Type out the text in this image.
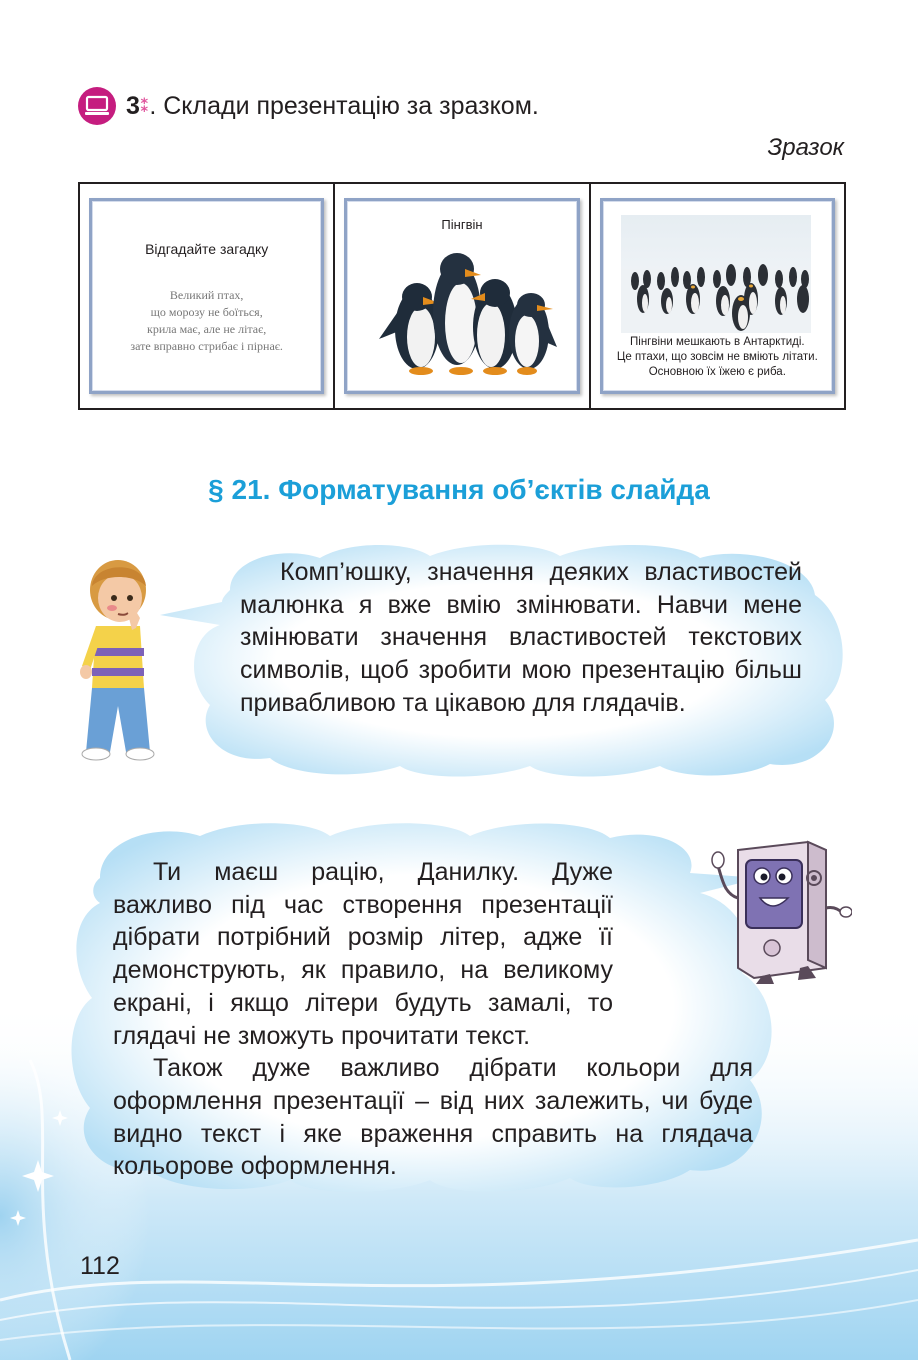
3⁑ . Склади презентацію за зразком.
Зразок
Відгадайте загадку
Великий птах,
що морозу не боїться,
крила має, але не літає,
зате вправно стрибає і пірнає.
Пінгвін
Пінгвіни мешкають в Антарктиді.
Це птахи, що зовсім не вміють літати.
Основною їх їжею є риба.
§ 21. Форматування об’єктів слайда

Комп’юшку, значення деяких властивостей малюнка я вже вмію змінювати. Навчи мене змінювати значення властивостей текстових символів, щоб зробити мою презентацію більш привабливою та цікавою для глядачів.

Ти маєш рацію, Данилку. Дуже важливо під час створення презентації дібрати потрібний розмір літер, адже її демонструють, як правило, на великому екрані, і якщо літери будуть замалі, то глядачі не зможуть прочитати текст.

Також дуже важливо дібрати кольори для оформлення презентації – від них залежить, чи буде видно текст і яке враження справить на глядача кольорове оформлення.

112
